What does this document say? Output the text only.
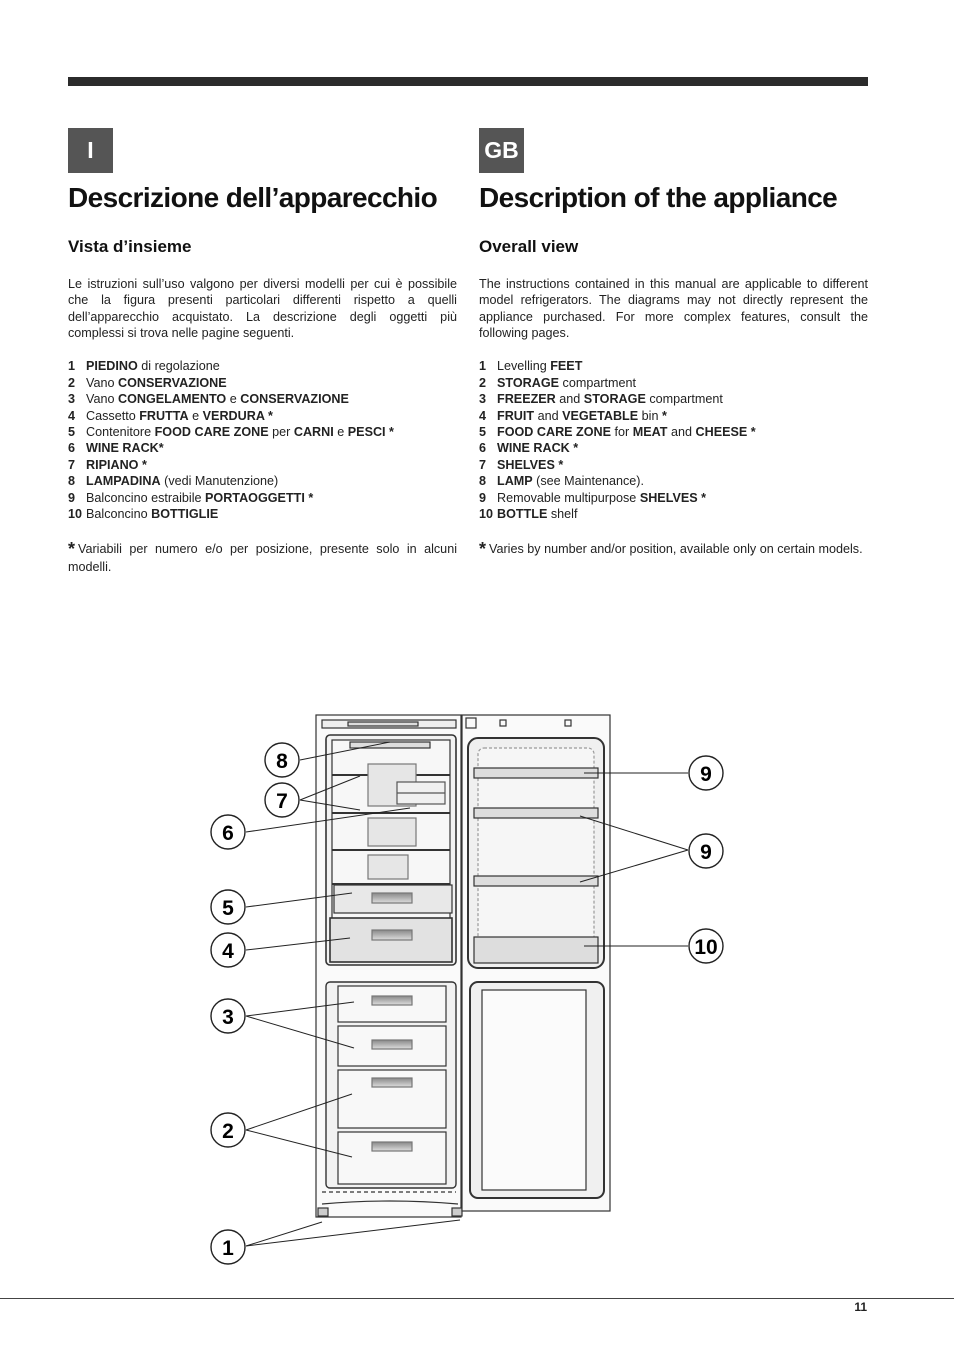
I
Descrizione dell’apparecchio
Vista d’insieme

Le istruzioni sull’uso valgono per diversi modelli per cui è possibile che la figura presenti particolari differenti rispetto a quelli dell’apparecchio acquistato. La descrizione degli oggetti più complessi si trova nelle pagine seguenti.

1 PIEDINO di regolazione
2 Vano CONSERVAZIONE
3 Vano CONGELAMENTO e CONSERVAZIONE
4 Cassetto FRUTTA e VERDURA *
5 Contenitore FOOD CARE ZONE per CARNI e PESCI *
6 WINE RACK*
7 RIPIANO *
8 LAMPADINA (vedi Manutenzione)
9 Balconcino estraibile PORTAOGGETTI *
10 Balconcino BOTTIGLIE

* Variabili per numero e/o per posizione, presente solo in alcuni modelli.

GB
Description of the appliance
Overall view

The instructions contained in this manual are applicable to different model refrigerators. The diagrams may not directly represent the appliance purchased. For more complex features, consult the following pages.

1 Levelling FEET
2 STORAGE compartment
3 FREEZER and STORAGE compartment
4 FRUIT and VEGETABLE bin *
5 FOOD CARE ZONE for MEAT and CHEESE *
6 WINE RACK *
7 SHELVES *
8 LAMP (see Maintenance).
9 Removable multipurpose SHELVES *
10 BOTTLE shelf

* Varies by number and/or position, available only on certain models.

8
7
6
5
4
3
2
1
9
9
10
11
